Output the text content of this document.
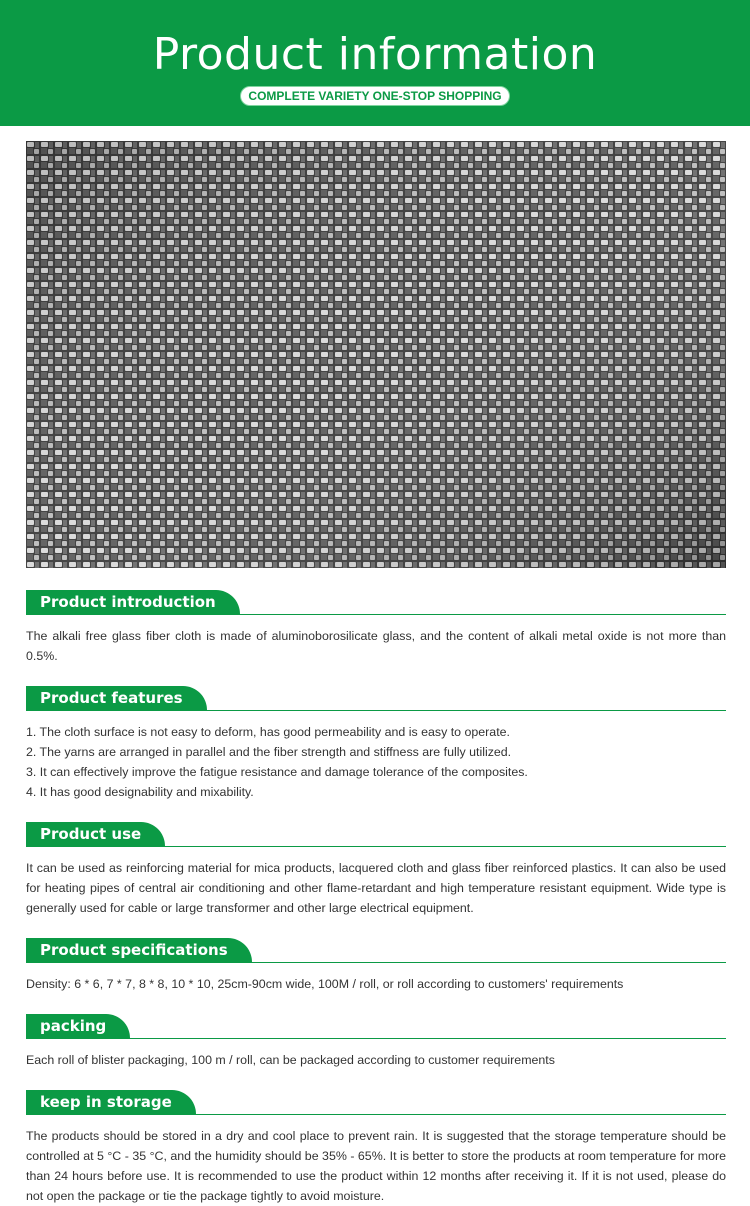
Product information
COMPLETE VARIETY ONE-STOP SHOPPING
Product introduction

The alkali free glass fiber cloth is made of aluminoborosilicate glass, and the content of alkali metal oxide is not more than 0.5%.

Product features

1. The cloth surface is not easy to deform, has good permeability and is easy to operate.

2. The yarns are arranged in parallel and the fiber strength and stiffness are fully utilized.

3. It can effectively improve the fatigue resistance and damage tolerance of the composites.

4. It has good designability and mixability.

Product use

It can be used as reinforcing material for mica products, lacquered cloth and glass fiber reinforced plastics. It can also be used for heating pipes of central air conditioning and other flame-retardant and high temperature resistant equipment. Wide type is generally used for cable or large transformer and other large electrical equipment.

Product specifications

Density: 6 * 6, 7 * 7, 8 * 8, 10 * 10, 25cm-90cm wide, 100M / roll, or roll according to customers' requirements

packing

Each roll of blister packaging, 100 m / roll, can be packaged according to customer requirements

keep in storage

The products should be stored in a dry and cool place to prevent rain. It is suggested that the storage temperature should be controlled at 5 °C - 35 °C, and the humidity should be 35% - 65%. It is better to store the products at room temperature for more than 24 hours before use. It is recommended to use the product within 12 months after receiving it. If it is not used, please do not open the package or tie the package tightly to avoid moisture.
